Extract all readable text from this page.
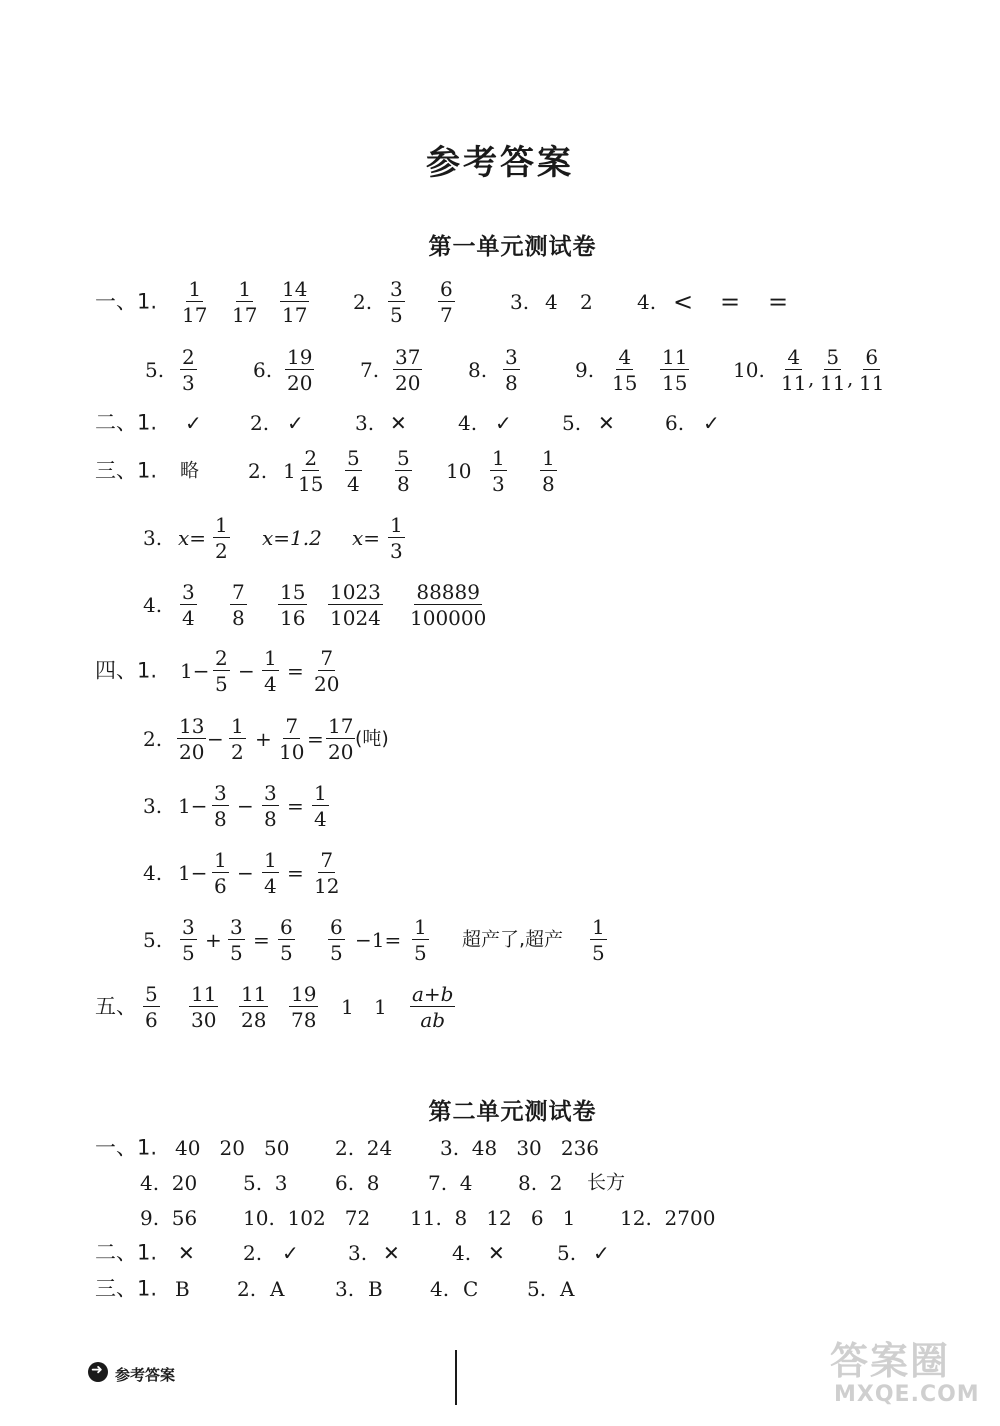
参考答案
第一单元测试卷
一、1. $\frac{1}{17} \frac{1}{17} \frac{14}{17} 2$. $\frac{3}{5} \frac{6}{7}$	3. 4 2 4. < = =
5. $\frac{2}{3}$	6. $\frac{19}{20} 7$. $\frac{37}{20} 8$. $\frac{3}{8}$	9. $\frac{4}{15} \frac{11}{15} 10$. $\frac{4}{11}$ , $\frac{5}{11}$ , $\frac{6}{11}$
二、1. ✓ 2. ✓	3. ✕	4. ✓	5. ✕	6. ✓
三、1. 略 2. $1 \frac{2}{15} \frac{5}{4} \frac{5}{8} 10 \frac{1}{3} \frac{1}{8}$
3. $x= \frac{1}{2} x=1.2$ $x= \frac{1}{3}$
4. $\frac{3}{4} \frac{7}{8} \frac{15}{16} \frac{1023}{1024} \frac{88889}{100000}$
四、1. $1- \frac{2}{5} - \frac{1}{4} = \frac{7}{20}$
2. $\frac{13}{20} - \frac{1}{2} + \frac{7}{10} = \frac{17}{20}$ (吨)
3. $1- \frac{3}{8} - \frac{3}{8} = \frac{1}{4}$
4. $1- \frac{1}{6} - \frac{1}{4} = \frac{7}{12}$
5. $\frac{3}{5} + \frac{3}{5} = \frac{6}{5} \frac{6}{5} -1= \frac{1}{5}$ 超产了,超产 $\frac{1}{5}$
五、 $\frac{5}{6} \frac{11}{30} \frac{11}{28} \frac{19}{78} 1$ $1 \frac{a+b}{ab}$
第二单元测试卷
一、1. 40   20   50 2.  24 3.  48   30   236
4.  20 5.  3 6.  8 7.  4 8.  2 长方
9.  56 10.  102   72 11.  8   12   6   1 12.  2700
二、1. ✕ 2. ✓ 3. ✕	4. ✕	5. ✓
三、1. B 2. A	3. B 4. C 5. A
➜
参考答案	答案圈
MXQE.COM
